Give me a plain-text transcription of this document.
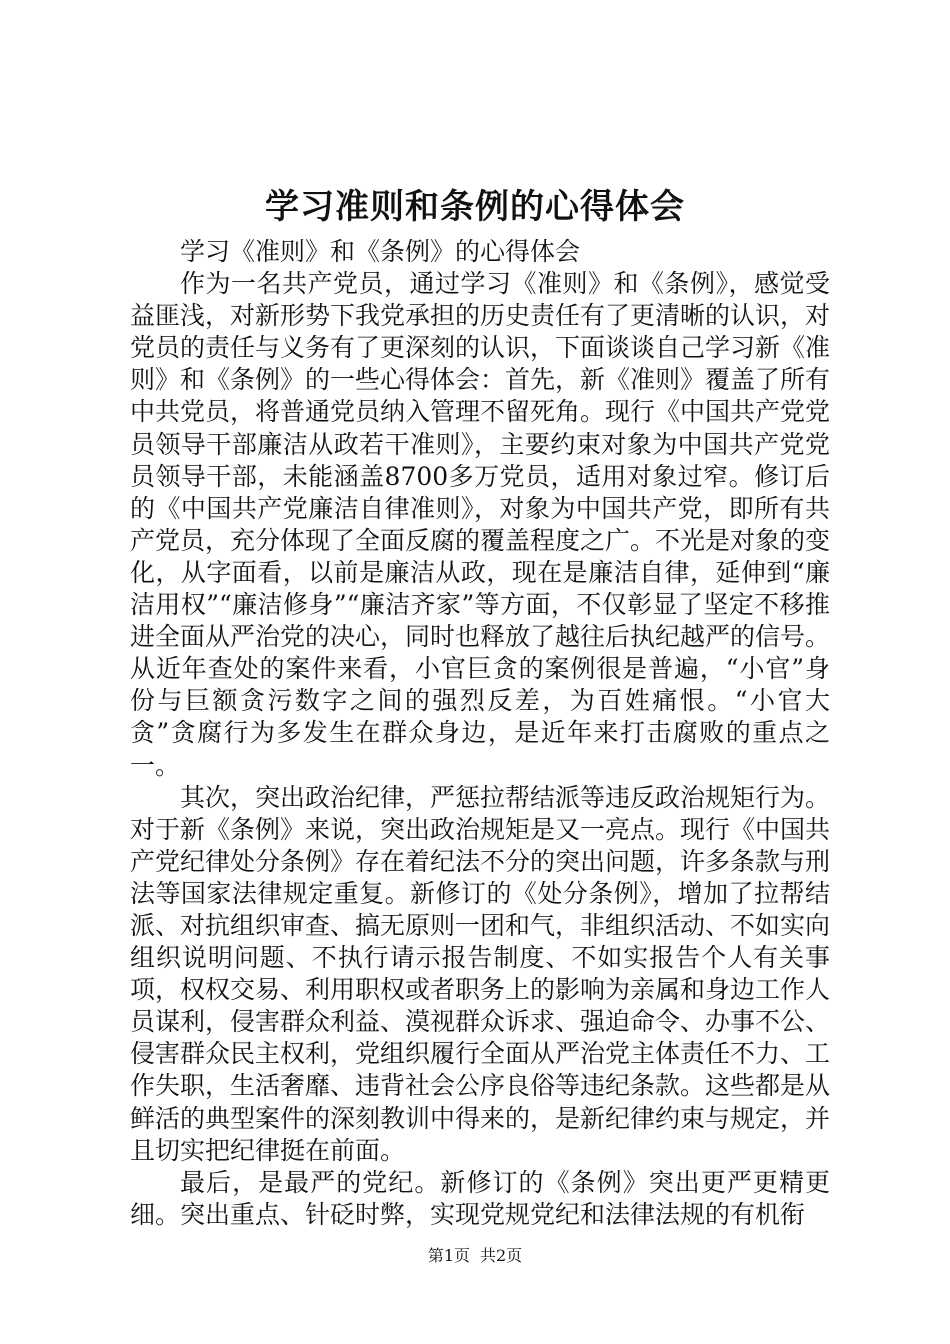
学习准则和条例的心得体会

学习《准则》和《条例》的心得体会

作为一名共产党员，通过学习《准则》和《条例》，感觉受益匪浅，对新形势下我党承担的历史责任有了更清晰的认识，对党员的责任与义务有了更深刻的认识，下面谈谈自己学习新《准则》和《条例》的一些心得体会：首先，新《准则》覆盖了所有中共党员，将普通党员纳入管理不留死角。现行《中国共产党党员领导干部廉洁从政若干准则》，主要约束对象为中国共产党党员领导干部，未能涵盖8700多万党员，适用对象过窄。修订后的《中国共产党廉洁自律准则》，对象为中国共产党，即所有共产党员，充分体现了全面反腐的覆盖程度之广。不光是对象的变化，从字面看，以前是廉洁从政，现在是廉洁自律，延伸到“廉洁用权”“廉洁修身”“廉洁齐家”等方面，不仅彰显了坚定不移推进全面从严治党的决心，同时也释放了越往后执纪越严的信号。从近年查处的案件来看，小官巨贪的案例很是普遍，“小官”身份与巨额贪污数字之间的强烈反差，为百姓痛恨。“小官大贪”贪腐行为多发生在群众身边，是近年来打击腐败的重点之一。

其次，突出政治纪律，严惩拉帮结派等违反政治规矩行为。对于新《条例》来说，突出政治规矩是又一亮点。现行《中国共产党纪律处分条例》存在着纪法不分的突出问题，许多条款与刑法等国家法律规定重复。新修订的《处分条例》，增加了拉帮结派、对抗组织审查、搞无原则一团和气，非组织活动、不如实向组织说明问题、不执行请示报告制度、不如实报告个人有关事项，权权交易、利用职权或者职务上的影响为亲属和身边工作人员谋利，侵害群众利益、漠视群众诉求、强迫命令、办事不公、侵害群众民主权利，党组织履行全面从严治党主体责任不力、工作失职，生活奢靡、违背社会公序良俗等违纪条款。这些都是从鲜活的典型案件的深刻教训中得来的，是新纪律约束与规定，并且切实把纪律挺在前面。

最后，是最严的党纪。新修订的《条例》突出更严更精更细。突出重点、针砭时弊，实现党规党纪和法律法规的有机衔

第1页 共2页
